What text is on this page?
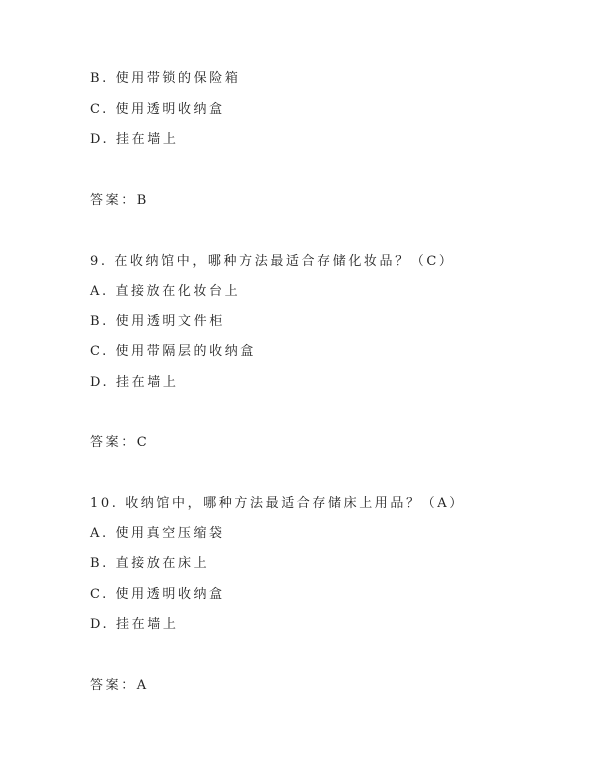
B. 使用带锁的保险箱
C. 使用透明收纳盒
D. 挂在墙上
答案：B
9. 在收纳馆中，哪种方法最适合存储化妆品？（C）
A. 直接放在化妆台上
B. 使用透明文件柜
C. 使用带隔层的收纳盒
D. 挂在墙上
答案：C
10. 收纳馆中，哪种方法最适合存储床上用品？（A）
A. 使用真空压缩袋
B. 直接放在床上
C. 使用透明收纳盒
D. 挂在墙上
答案：A
